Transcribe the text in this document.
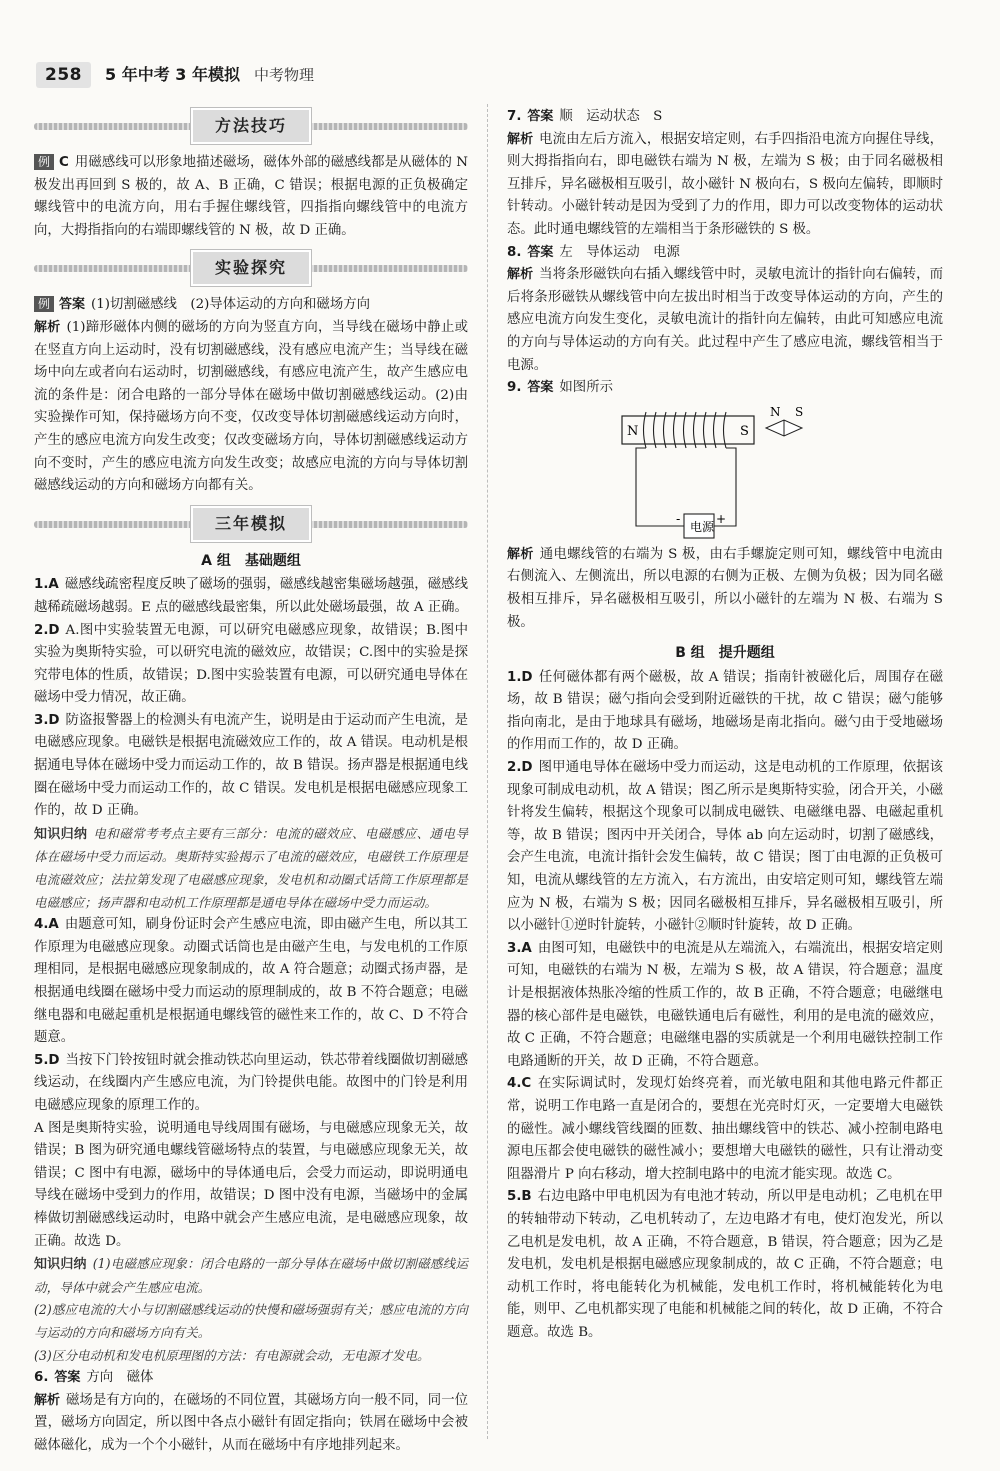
258	5 年中考 3 年模拟 中考物理
方法技巧

例 C 用磁感线可以形象地描述磁场，磁体外部的磁感线都是从磁体的 N 极发出再回到 S 极的，故 A、B 正确，C 错误；根据电源的正负极确定螺线管中的电流方向，用右手握住螺线管，四指指向螺线管中的电流方向，大拇指指向的右端即螺线管的 N 极，故 D 正确。

实验探究

例 答案 (1)切割磁感线　(2)导体运动的方向和磁场方向

解析 (1)蹄形磁体内侧的磁场的方向为竖直方向，当导线在磁场中静止或在竖直方向上运动时，没有切割磁感线，没有感应电流产生；当导线在磁场中向左或者向右运动时，切割磁感线，有感应电流产生，故产生感应电流的条件是：闭合电路的一部分导体在磁场中做切割磁感线运动。(2)由实验操作可知，保持磁场方向不变，仅改变导体切割磁感线运动方向时，产生的感应电流方向发生改变；仅改变磁场方向，导体切割磁感线运动方向不变时，产生的感应电流方向发生改变；故感应电流的方向与导体切割磁感线运动的方向和磁场方向都有关。

三年模拟
A 组　基础题组

1.A 磁感线疏密程度反映了磁场的强弱，磁感线越密集磁场越强，磁感线越稀疏磁场越弱。E 点的磁感线最密集，所以此处磁场最强，故 A 正确。

2.D A.图中实验装置无电源，可以研究电磁感应现象，故错误；B.图中实验为奥斯特实验，可以研究电流的磁效应，故错误；C.图中的实验是探究带电体的性质，故错误；D.图中实验装置有电源，可以研究通电导体在磁场中受力情况，故正确。

3.D 防盗报警器上的检测头有电流产生，说明是由于运动而产生电流，是电磁感应现象。电磁铁是根据电流磁效应工作的，故 A 错误。电动机是根据通电导体在磁场中受力而运动工作的，故 B 错误。扬声器是根据通电线圈在磁场中受力而运动工作的，故 C 错误。发电机是根据电磁感应现象工作的，故 D 正确。

知识归纳 电和磁常考考点主要有三部分：电流的磁效应、电磁感应、通电导体在磁场中受力而运动。奥斯特实验揭示了电流的磁效应，电磁铁工作原理是电流磁效应；法拉第发现了电磁感应现象，发电机和动圈式话筒工作原理都是电磁感应；扬声器和电动机工作原理都是通电导体在磁场中受力而运动。

4.A 由题意可知，刷身份证时会产生感应电流，即由磁产生电，所以其工作原理为电磁感应现象。动圈式话筒也是由磁产生电，与发电机的工作原理相同，是根据电磁感应现象制成的，故 A 符合题意；动圈式扬声器，是根据通电线圈在磁场中受力而运动的原理制成的，故 B 不符合题意；电磁继电器和电磁起重机是根据通电螺线管的磁性来工作的，故 C、D 不符合题意。

5.D 当按下门铃按钮时就会推动铁芯向里运动，铁芯带着线圈做切割磁感线运动，在线圈内产生感应电流，为门铃提供电能。故图中的门铃是利用电磁感应现象的原理工作的。

A 图是奥斯特实验，说明通电导线周围有磁场，与电磁感应现象无关，故错误；B 图为研究通电螺线管磁场特点的装置，与电磁感应现象无关，故错误；C 图中有电源，磁场中的导体通电后，会受力而运动，即说明通电导线在磁场中受到力的作用，故错误；D 图中没有电源，当磁场中的金属棒做切割磁感线运动时，电路中就会产生感应电流，是电磁感应现象，故正确。故选 D。

知识归纳 (1)电磁感应现象：闭合电路的一部分导体在磁场中做切割磁感线运动，导体中就会产生感应电流。

(2)感应电流的大小与切割磁感线运动的快慢和磁场强弱有关；感应电流的方向与运动的方向和磁场方向有关。

(3)区分电动机和发电机原理图的方法：有电源就会动，无电源才发电。

6. 答案 方向　磁体

解析 磁场是有方向的，在磁场的不同位置，其磁场方向一般不同，同一位置，磁场方向固定，所以图中各点小磁针有固定指向；铁屑在磁场中会被磁体磁化，成为一个个小磁针，从而在磁场中有序地排列起来。

7. 答案 顺　运动状态　S

解析 电流由左后方流入，根据安培定则，右手四指沿电流方向握住导线，则大拇指指向右，即电磁铁右端为 N 极，左端为 S 极；由于同名磁极相互排斥，异名磁极相互吸引，故小磁针 N 极向右，S 极向左偏转，即顺时针转动。小磁针转动是因为受到了力的作用，即力可以改变物体的运动状态。此时通电螺线管的左端相当于条形磁铁的 S 极。

8. 答案 左　导体运动　电源

解析 当将条形磁铁向右插入螺线管中时，灵敏电流计的指针向右偏转，而后将条形磁铁从螺线管中向左拔出时相当于改变导体运动的方向，产生的感应电流方向发生变化，灵敏电流计的指针向左偏转，由此可知感应电流的方向与导体运动的方向有关。此过程中产生了感应电流，螺线管相当于电源。

9. 答案 如图所示

N	S
N S
电源
-	+

解析 通电螺线管的右端为 S 极，由右手螺旋定则可知，螺线管中电流由右侧流入、左侧流出，所以电源的右侧为正极、左侧为负极；因为同名磁极相互排斥，异名磁极相互吸引，所以小磁针的左端为 N 极、右端为 S 极。

B 组　提升题组

1.D 任何磁体都有两个磁极，故 A 错误；指南针被磁化后，周围存在磁场，故 B 错误；磁勺指向会受到附近磁铁的干扰，故 C 错误；磁勺能够指向南北，是由于地球具有磁场，地磁场是南北指向。磁勺由于受地磁场的作用而工作的，故 D 正确。

2.D 图甲通电导体在磁场中受力而运动，这是电动机的工作原理，依据该现象可制成电动机，故 A 错误；图乙所示是奥斯特实验，闭合开关，小磁针将发生偏转，根据这个现象可以制成电磁铁、电磁继电器、电磁起重机等，故 B 错误；图丙中开关闭合，导体 ab 向左运动时，切割了磁感线，会产生电流，电流计指针会发生偏转，故 C 错误；图丁由电源的正负极可知，电流从螺线管的左方流入，右方流出，由安培定则可知，螺线管左端应为 N 极，右端为 S 极；因同名磁极相互排斥，异名磁极相互吸引，所以小磁针①逆时针旋转，小磁针②顺时针旋转，故 D 正确。

3.A 由图可知，电磁铁中的电流是从左端流入，右端流出，根据安培定则可知，电磁铁的右端为 N 极，左端为 S 极，故 A 错误，符合题意；温度计是根据液体热胀冷缩的性质工作的，故 B 正确，不符合题意；电磁继电器的核心部件是电磁铁，电磁铁通电后有磁性，利用的是电流的磁效应，故 C 正确，不符合题意；电磁继电器的实质就是一个利用电磁铁控制工作电路通断的开关，故 D 正确，不符合题意。

4.C 在实际调试时，发现灯始终亮着，而光敏电阻和其他电路元件都正常，说明工作电路一直是闭合的，要想在光亮时灯灭，一定要增大电磁铁的磁性。减小螺线管线圈的匝数、抽出螺线管中的铁芯、减小控制电路电源电压都会使电磁铁的磁性减小；要想增大电磁铁的磁性，只有让滑动变阻器滑片 P 向右移动，增大控制电路中的电流才能实现。故选 C。

5.B 右边电路中甲电机因为有电池才转动，所以甲是电动机；乙电机在甲的转轴带动下转动，乙电机转动了，左边电路才有电，使灯泡发光，所以乙电机是发电机，故 A 正确，不符合题意，B 错误，符合题意；因为乙是发电机，发电机是根据电磁感应现象制成的，故 C 正确，不符合题意；电动机工作时，将电能转化为机械能，发电机工作时，将机械能转化为电能，则甲、乙电机都实现了电能和机械能之间的转化，故 D 正确，不符合题意。故选 B。
